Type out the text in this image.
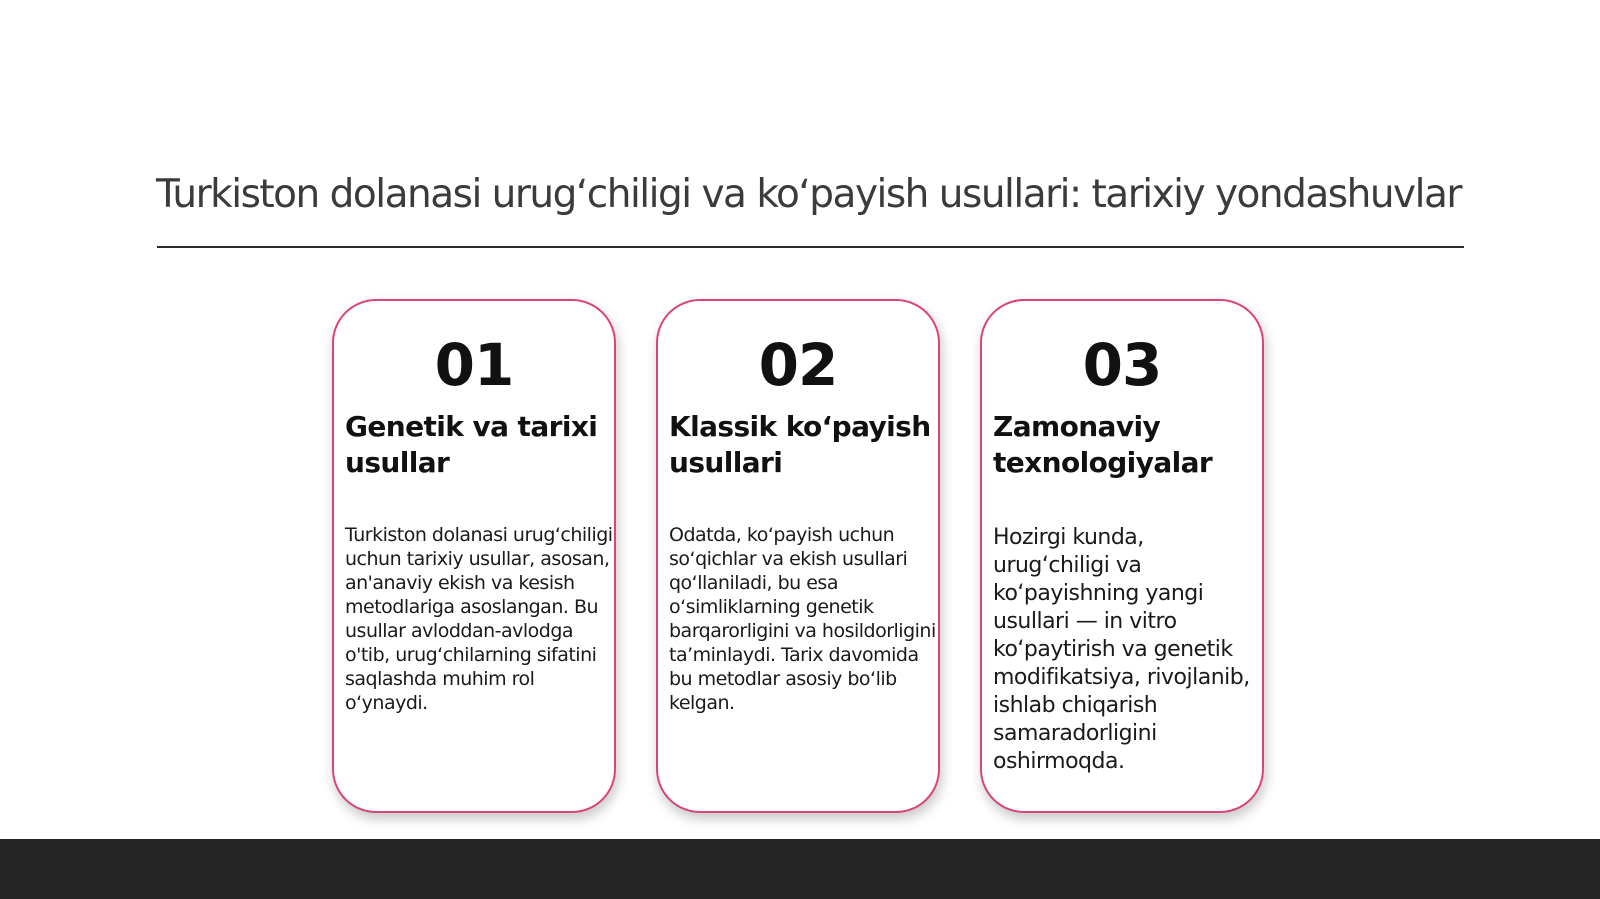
Turkiston dolanasi urug‘chiligi va ko‘payish usullari: tarixiy yondashuvlar
01
Genetik va tarixi usullar

Turkiston dolanasi urug‘chiligi uchun tarixiy usullar, asosan, an'anaviy ekish va kesish metodlariga asoslangan. Bu usullar avloddan-avlodga o'tib, urug‘chilarning sifatini saqlashda muhim rol o‘ynaydi.

02
Klassik ko‘payish usullari

Odatda, ko‘payish uchun so‘qichlar va ekish usullari qo‘llaniladi, bu esa o‘simliklarning genetik barqarorligini va hosildorligini ta’minlaydi. Tarix davomida bu metodlar asosiy bo‘lib kelgan.

03
Zamonaviy texnologiyalar

Hozirgi kunda, urug‘chiligi va ko‘payishning yangi usullari — in vitro ko‘paytirish va genetik modifikatsiya, rivojlanib, ishlab chiqarish samaradorligini oshirmoqda.
